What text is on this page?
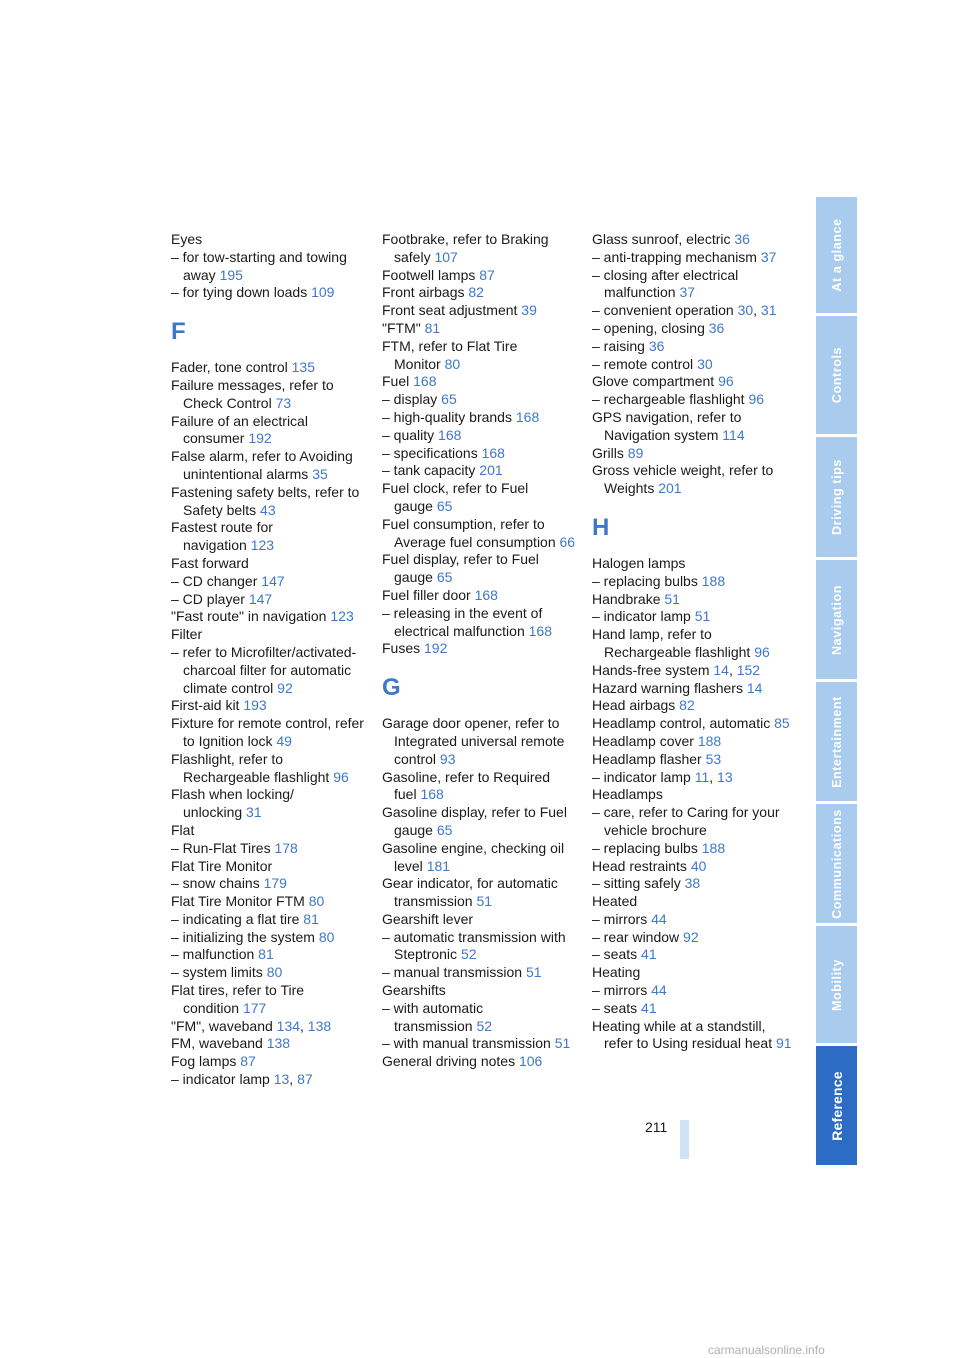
Eyes
– for tow-starting and towing away 195
– for tying down loads 109
F
Fader, tone control 135
Failure messages, refer to Check Control 73
Failure of an electrical consumer 192
False alarm, refer to Avoiding unintentional alarms 35
Fastening safety belts, refer to Safety belts 43
Fastest route for navigation 123
Fast forward
– CD changer 147
– CD player 147
"Fast route" in navigation 123
Filter
– refer to Microfilter/activated-charcoal filter for automatic climate control 92
First-aid kit 193
Fixture for remote control, refer to Ignition lock 49
Flashlight, refer to Rechargeable flashlight 96
Flash when locking/ unlocking 31
Flat
– Run-Flat Tires 178
Flat Tire Monitor
– snow chains 179
Flat Tire Monitor FTM 80
– indicating a flat tire 81
– initializing the system 80
– malfunction 81
– system limits 80
Flat tires, refer to Tire condition 177
"FM", waveband 134, 138
FM, waveband 138
Fog lamps 87
– indicator lamp 13, 87
Footbrake, refer to Braking safely 107
Footwell lamps 87
Front airbags 82
Front seat adjustment 39
"FTM" 81
FTM, refer to Flat Tire Monitor 80
Fuel 168
– display 65
– high-quality brands 168
– quality 168
– specifications 168
– tank capacity 201
Fuel clock, refer to Fuel gauge 65
Fuel consumption, refer to Average fuel consumption 66
Fuel display, refer to Fuel gauge 65
Fuel filler door 168
– releasing in the event of electrical malfunction 168
Fuses 192
G
Garage door opener, refer to Integrated universal remote control 93
Gasoline, refer to Required fuel 168
Gasoline display, refer to Fuel gauge 65
Gasoline engine, checking oil level 181
Gear indicator, for automatic transmission 51
Gearshift lever
– automatic transmission with Steptronic 52
– manual transmission 51
Gearshifts
– with automatic transmission 52
– with manual transmission 51
General driving notes 106
Glass sunroof, electric 36
– anti-trapping mechanism 37
– closing after electrical malfunction 37
– convenient operation 30, 31
– opening, closing 36
– raising 36
– remote control 30
Glove compartment 96
– rechargeable flashlight 96
GPS navigation, refer to Navigation system 114
Grills 89
Gross vehicle weight, refer to Weights 201
H
Halogen lamps
– replacing bulbs 188
Handbrake 51
– indicator lamp 51
Hand lamp, refer to Rechargeable flashlight 96
Hands-free system 14, 152
Hazard warning flashers 14
Head airbags 82
Headlamp control, automatic 85
Headlamp cover 188
Headlamp flasher 53
– indicator lamp 11, 13
Headlamps
– care, refer to Caring for your vehicle brochure
– replacing bulbs 188
Head restraints 40
– sitting safely 38
Heated
– mirrors 44
– rear window 92
– seats 41
Heating
– mirrors 44
– seats 41
Heating while at a standstill, refer to Using residual heat 91
211
At a glance
Controls
Driving tips
Navigation
Entertainment
Communications
Mobility
Reference
carmanualsonline.info
